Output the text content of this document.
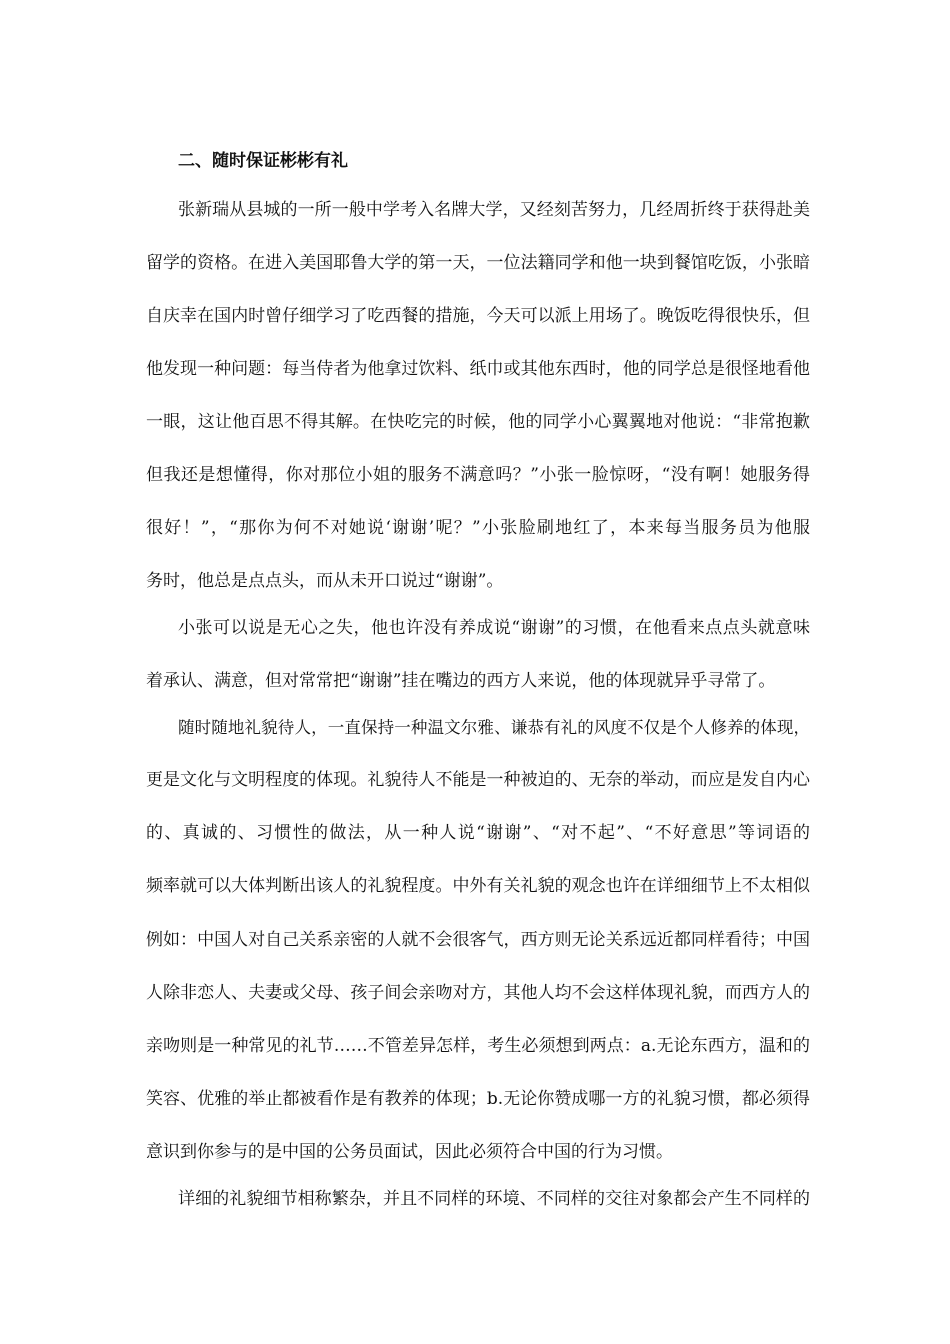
二、随时保证彬彬有礼
张新瑞从县城的一所一般中学考入名牌大学，又经刻苦努力，几经周折终于获得赴美
留学的资格。在进入美国耶鲁大学的第一天，一位法籍同学和他一块到餐馆吃饭，小张暗
自庆幸在国内时曾仔细学习了吃西餐的措施，今天可以派上用场了。晚饭吃得很快乐，但
他发现一种问题：每当侍者为他拿过饮料、纸巾或其他东西时，他的同学总是很怪地看他
一眼，这让他百思不得其解。在快吃完的时候，他的同学小心翼翼地对他说：“非常抱歉
但我还是想懂得，你对那位小姐的服务不满意吗？”小张一脸惊呀，“没有啊！她服务得
很好！”，“那你为何不对她说‘谢谢’呢？”小张脸刷地红了，本来每当服务员为他服
务时，他总是点点头，而从未开口说过“谢谢”。
小张可以说是无心之失，他也许没有养成说“谢谢”的习惯，在他看来点点头就意味
着承认、满意，但对常常把“谢谢”挂在嘴边的西方人来说，他的体现就异乎寻常了。
随时随地礼貌待人，一直保持一种温文尔雅、谦恭有礼的风度不仅是个人修养的体现，
更是文化与文明程度的体现。礼貌待人不能是一种被迫的、无奈的举动，而应是发自内心
的、真诚的、习惯性的做法，从一种人说“谢谢”、“对不起”、“不好意思”等词语的
频率就可以大体判断出该人的礼貌程度。中外有关礼貌的观念也许在详细细节上不太相似
例如：中国人对自己关系亲密的人就不会很客气，西方则无论关系远近都同样看待；中国
人除非恋人、夫妻或父母、孩子间会亲吻对方，其他人均不会这样体现礼貌，而西方人的
亲吻则是一种常见的礼节……不管差异怎样，考生必须想到两点：a.无论东西方，温和的
笑容、优雅的举止都被看作是有教养的体现；b.无论你赞成哪一方的礼貌习惯，都必须得
意识到你参与的是中国的公务员面试，因此必须符合中国的行为习惯。
详细的礼貌细节相称繁杂，并且不同样的环境、不同样的交往对象都会产生不同样的
